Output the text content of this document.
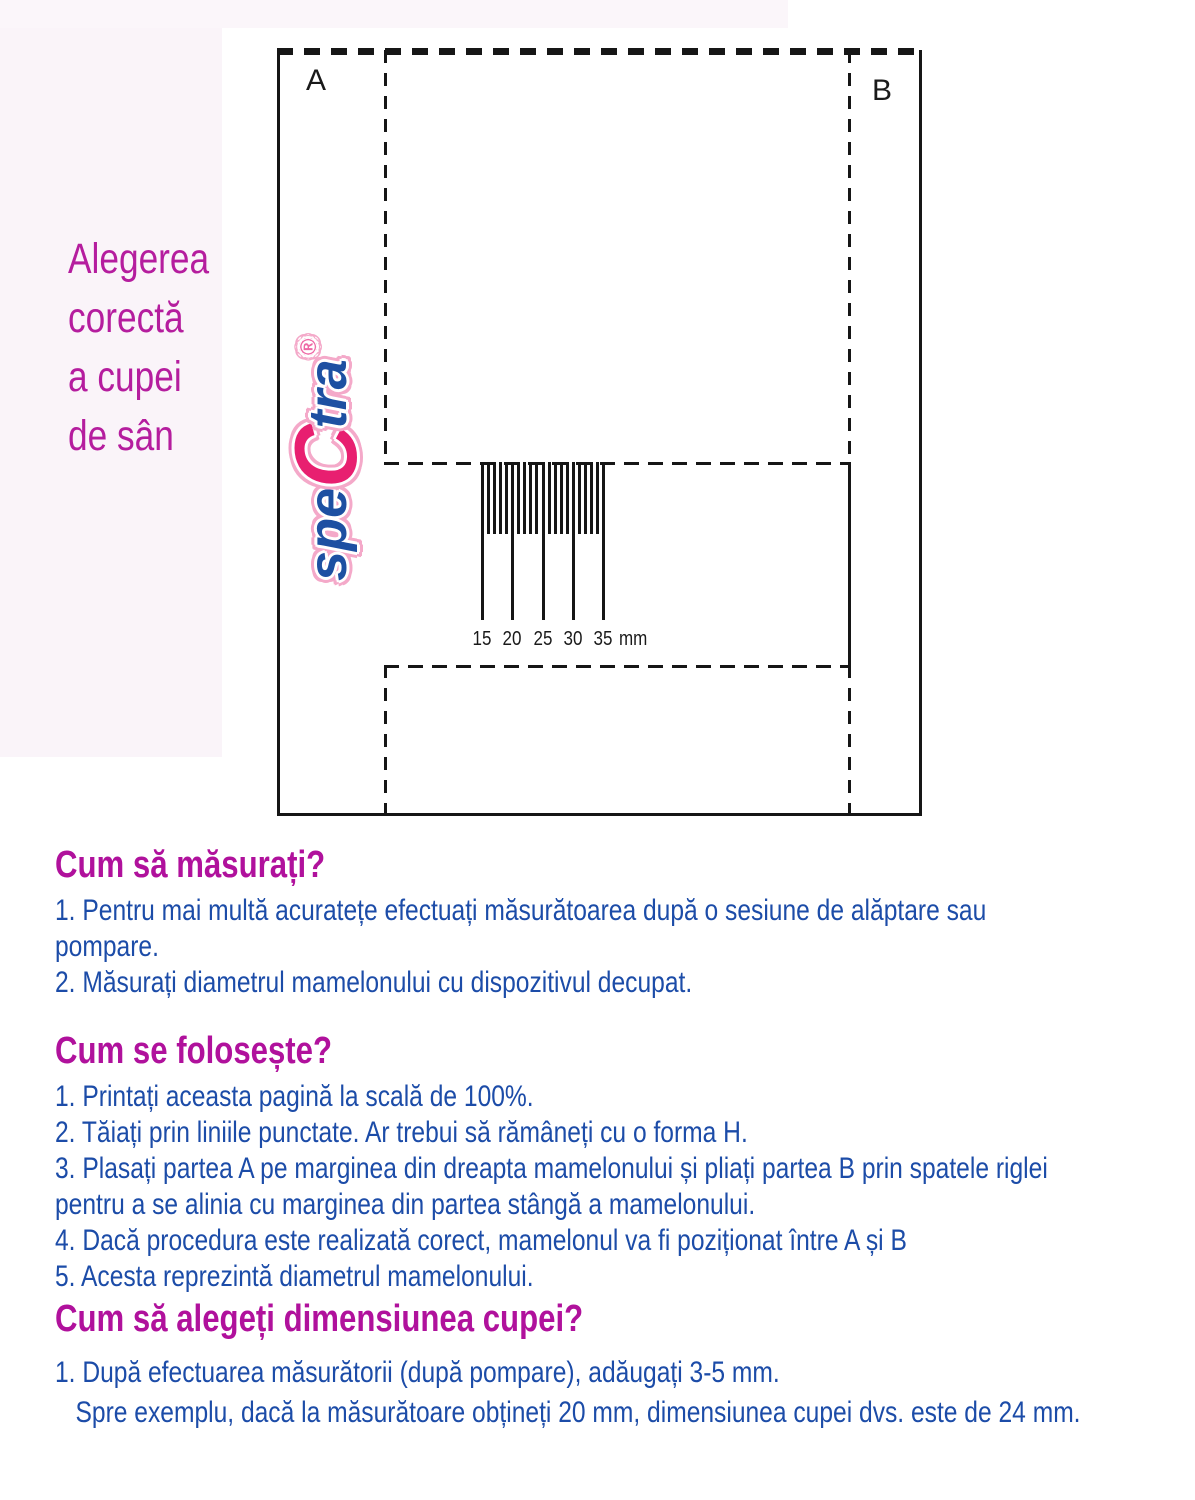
Alegerea
corectă
a cupei
de sân
A	B
15 20 25 30 35 mm
speCtra®
Cum să măsurați?
1. Pentru mai multă acuratețe efectuați măsurătoarea după o sesiune de alăptare sau
pompare.
2. Măsurați diametrul mamelonului cu dispozitivul decupat.
Cum se folosește?
1. Printați aceasta pagină la scală de 100%.
2. Tăiați prin liniile punctate. Ar trebui să rămâneți cu o forma H.
3. Plasați partea A pe marginea din dreapta mamelonului și pliați partea B prin spatele riglei
pentru a se alinia cu marginea din partea stângă a mamelonului.
4. Dacă procedura este realizată corect, mamelonul va fi poziționat între A și B
5. Acesta reprezintă diametrul mamelonului.
Cum să alegeți dimensiunea cupei?
1. După efectuarea măsurătorii (după pompare), adăugați 3-5 mm.
Spre exemplu, dacă la măsurătoare obțineți 20 mm, dimensiunea cupei dvs. este de 24 mm.
